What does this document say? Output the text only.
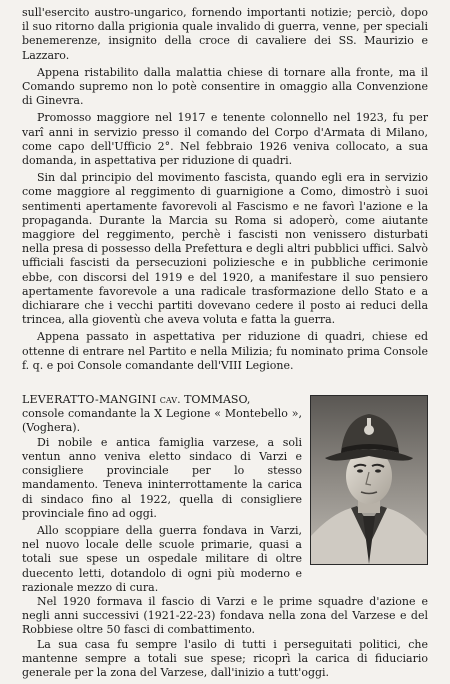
sull'esercito austro-ungarico, fornendo importanti notizie; perciò, dopo il suo ritorno dalla prigionia quale invalido di guerra, venne, per speciali benemerenze, insignito della croce di cavaliere dei SS. Maurizio e Lazzaro.

Appena ristabilito dalla malattia chiese di tornare alla fronte, ma il Comando supremo non lo potè consentire in omaggio alla Convenzione di Ginevra.

Promosso maggiore nel 1917 e tenente colonnello nel 1923, fu per varî anni in servizio presso il comando del Corpo d'Armata di Milano, come capo dell'Ufficio 2°. Nel febbraio 1926 veniva collocato, a sua domanda, in aspettativa per riduzione di quadri.

Sin dal principio del movimento fascista, quando egli era in servizio come maggiore al reggimento di guarnigione a Como, dimostrò i suoi sentimenti apertamente favorevoli al Fascismo e ne favorì l'azione e la propaganda. Durante la Marcia su Roma si adoperò, come aiutante maggiore del reggimento, perchè i fascisti non venissero disturbati nella presa di possesso della Prefettura e degli altri pubblici uffici. Salvò ufficiali fascisti da persecuzioni poliziesche e in pubbliche cerimonie ebbe, con discorsi del 1919 e del 1920, a manifestare il suo pensiero apertamente favorevole a una radicale trasformazione dello Stato e a dichiarare che i vecchi partiti dovevano cedere il posto ai reduci della trincea, alla gioventù che aveva voluta e fatta la guerra.

Appena passato in aspettativa per riduzione di quadri, chiese ed ottenne di entrare nel Partito e nella Milizia; fu nominato prima Console f. q. e poi Console comandante dell'VIII Legione.

LEVERATTO-MANGINI cav. TOMMASO,

console comandante la X Legione « Montebello », (Voghera).

Di nobile e antica famiglia varzese, a soli ventun anno veniva eletto sindaco di Varzi e consigliere provinciale per lo stesso mandamento. Teneva ininterrottamente la carica di sindaco fino al 1922, quella di consigliere provinciale fino ad oggi.

Allo scoppiare della guerra fondava in Varzi, nel nuovo locale delle scuole primarie, quasi a totali sue spese un ospedale militare di oltre duecento letti, dotandolo di ogni più moderno e razionale mezzo di cura.

Nel 1920 formava il fascio di Varzi e le prime squadre d'azione e negli anni successivi (1921-22-23) fondava nella zona del Varzese e del Robbiese oltre 50 fasci di combattimento.

La sua casa fu sempre l'asilo di tutti i perseguitati politici, che mantenne sempre a totali sue spese; ricoprì la carica di fiduciario generale per la zona del Varzese, dall'inizio a tutt'oggi.
